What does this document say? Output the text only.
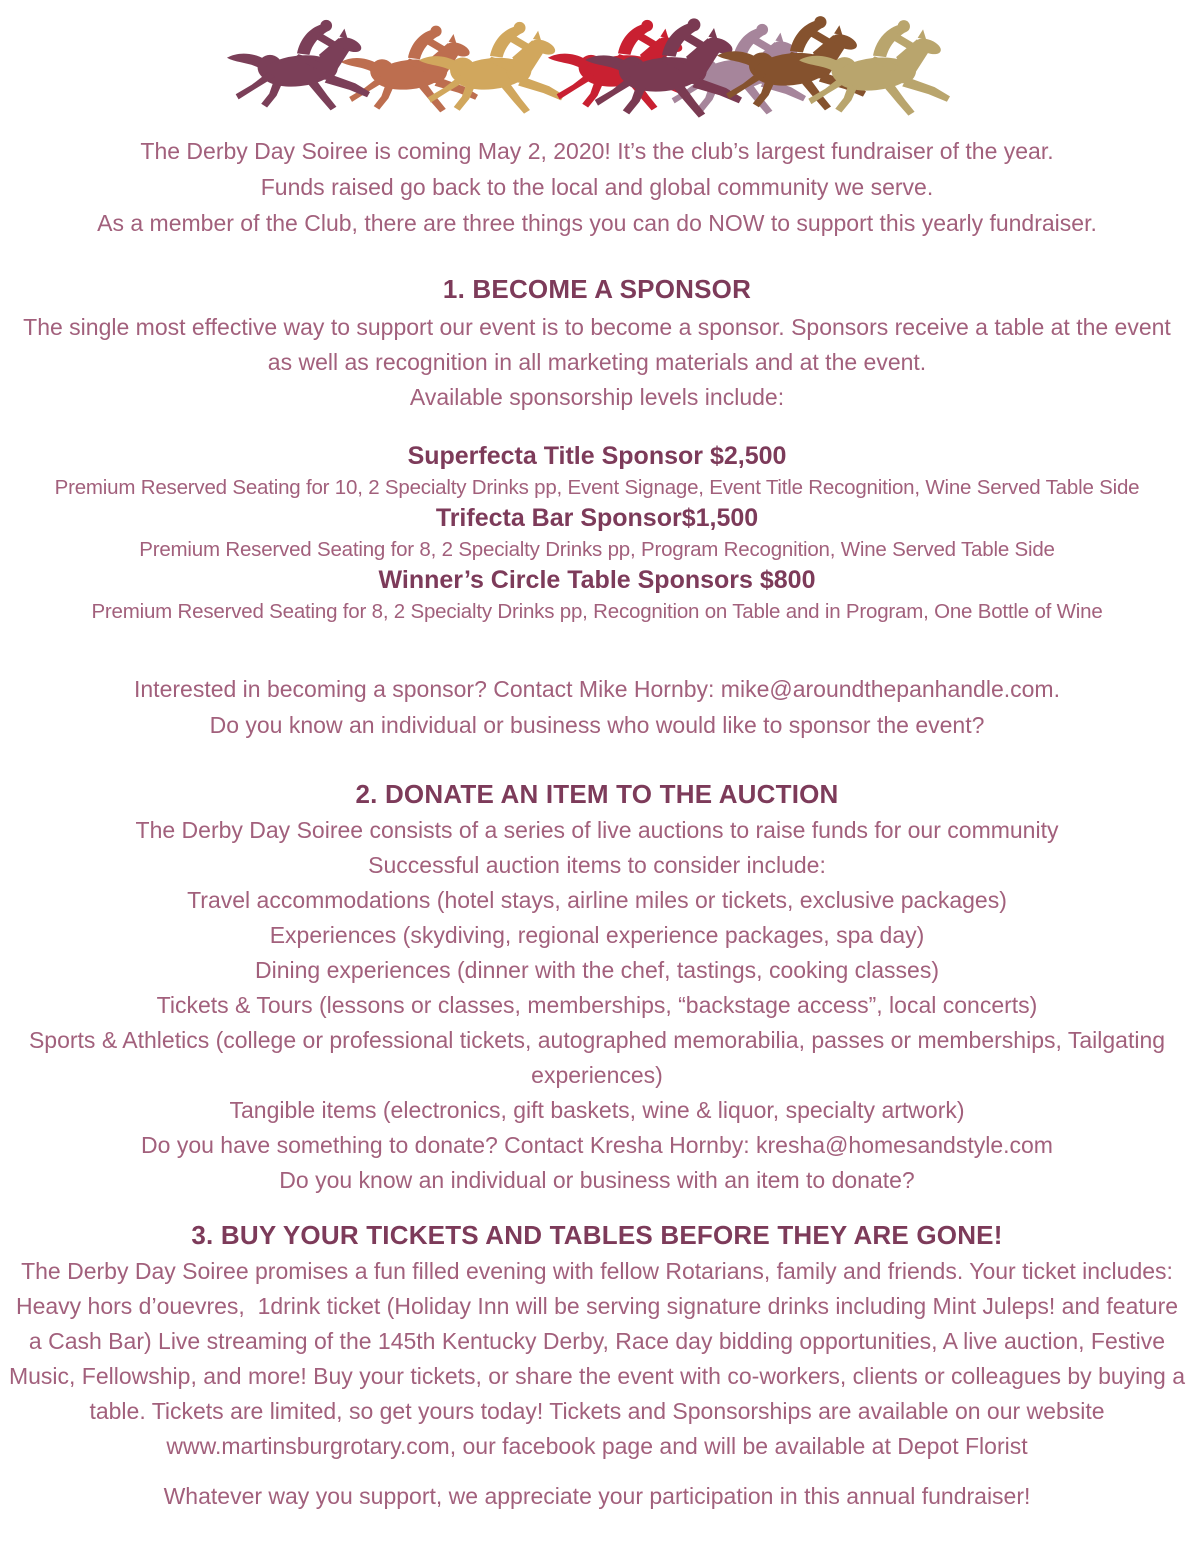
The Derby Day Soiree is coming May 2, 2020! It’s the club’s largest fundraiser of the year.

Funds raised go back to the local and global community we serve.

As a member of the Club, there are three things you can do NOW to support this yearly fundraiser.

1. BECOME A SPONSOR

The single most effective way to support our event is to become a sponsor. Sponsors receive a table at the event as well as recognition in all marketing materials and at the event.

Available sponsorship levels include:

Superfecta Title Sponsor $2,500

Premium Reserved Seating for 10, 2 Specialty Drinks pp, Event Signage, Event Title Recognition, Wine Served Table Side

Trifecta Bar Sponsor$1,500

Premium Reserved Seating for 8, 2 Specialty Drinks pp, Program Recognition, Wine Served Table Side

Winner’s Circle Table Sponsors $800

Premium Reserved Seating for 8, 2 Specialty Drinks pp, Recognition on Table and in Program, One Bottle of Wine

Interested in becoming a sponsor? Contact Mike Hornby: mike@aroundthepanhandle.com.

Do you know an individual or business who would like to sponsor the event?

2. DONATE AN ITEM TO THE AUCTION

The Derby Day Soiree consists of a series of live auctions to raise funds for our community

Successful auction items to consider include:

Travel accommodations (hotel stays, airline miles or tickets, exclusive packages)

Experiences (skydiving, regional experience packages, spa day)

Dining experiences (dinner with the chef, tastings, cooking classes)

Tickets & Tours (lessons or classes, memberships, “backstage access”, local concerts)

Sports & Athletics (college or professional tickets, autographed memorabilia, passes or memberships, Tailgating experiences)

Tangible items (electronics, gift baskets, wine & liquor, specialty artwork)

Do you have something to donate? Contact Kresha Hornby: kresha@homesandstyle.com

Do you know an individual or business with an item to donate?

3. BUY YOUR TICKETS AND TABLES BEFORE THEY ARE GONE!

The Derby Day Soiree promises a fun filled evening with fellow Rotarians, family and friends. Your ticket includes: Heavy hors d’ouevres,  1drink ticket (Holiday Inn will be serving signature drinks including Mint Juleps! and feature a Cash Bar) Live streaming of the 145th Kentucky Derby, Race day bidding opportunities, A live auction, Festive Music, Fellowship, and more! Buy your tickets, or share the event with co-workers, clients or colleagues by buying a table. Tickets are limited, so get yours today! Tickets and Sponsorships are available on our website www.martinsburgrotary.com, our facebook page and will be available at Depot Florist

Whatever way you support, we appreciate your participation in this annual fundraiser!
